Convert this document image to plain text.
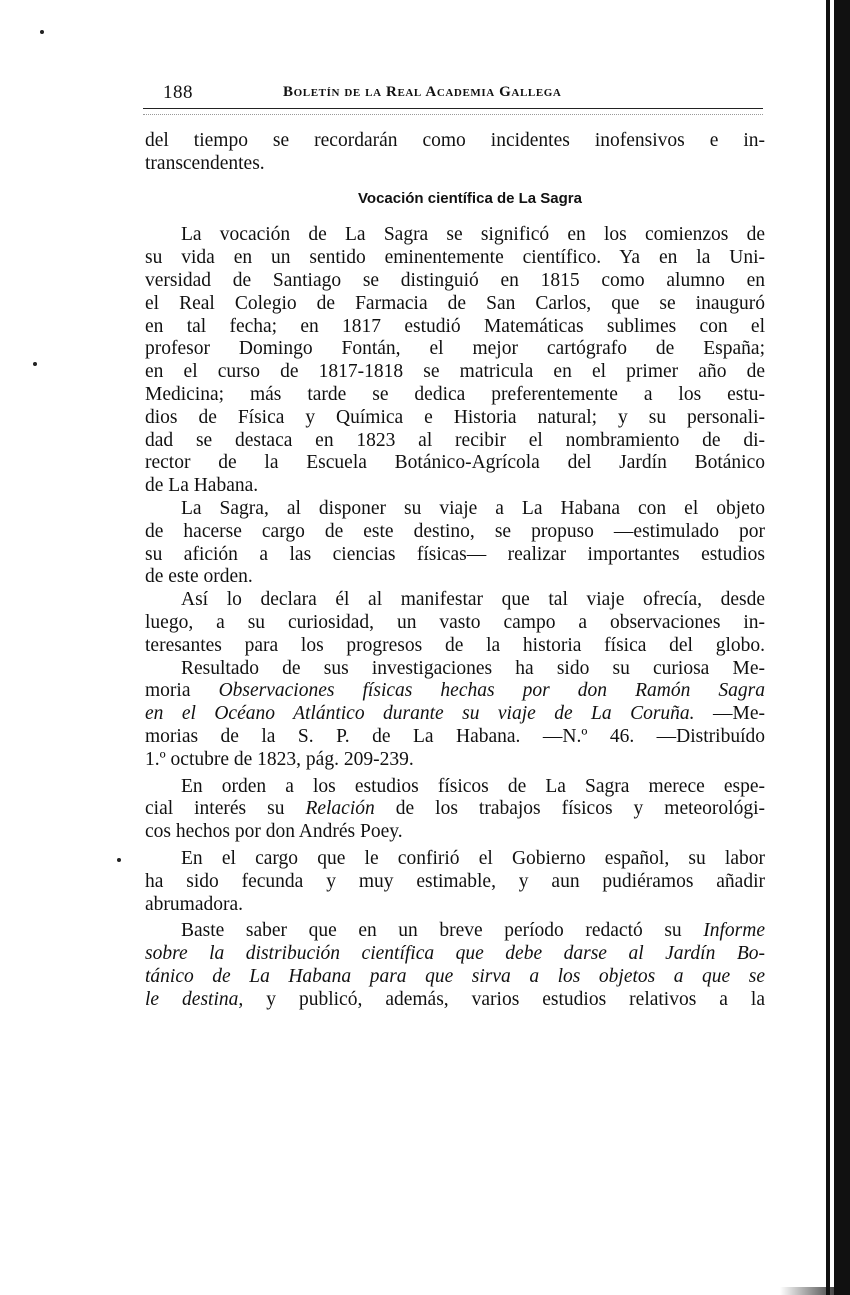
188	Boletín de la Real Academia Gallega
del tiempo se recordarán como incidentes inofensivos e in-
transcendentes.
Vocación científica de La Sagra
La vocación de La Sagra se significó en los comienzos de
su vida en un sentido eminentemente científico. Ya en la Uni-
versidad de Santiago se distinguió en 1815 como alumno en
el Real Colegio de Farmacia de San Carlos, que se inauguró
en tal fecha; en 1817 estudió Matemáticas sublimes con el
profesor Domingo Fontán, el mejor cartógrafo de España;
en el curso de 1817-1818 se matricula en el primer año de
Medicina; más tarde se dedica preferentemente a los estu-
dios de Física y Química e Historia natural; y su personali-
dad se destaca en 1823 al recibir el nombramiento de di-
rector de la Escuela Botánico-Agrícola del Jardín Botánico
de La Habana.
La Sagra, al disponer su viaje a La Habana con el objeto
de hacerse cargo de este destino, se propuso —estimulado por
su afición a las ciencias físicas— realizar importantes estudios
de este orden.
Así lo declara él al manifestar que tal viaje ofrecía, desde
luego, a su curiosidad, un vasto campo a observaciones in-
teresantes para los progresos de la historia física del globo.
Resultado de sus investigaciones ha sido su curiosa Me-
moria Observaciones físicas hechas por don Ramón Sagra
en el Océano Atlántico durante su viaje de La Coruña. —Me-
morias de la S. P. de La Habana. —N.º 46. —Distribuído
1.º octubre de 1823, pág. 209-239.
En orden a los estudios físicos de La Sagra merece espe-
cial interés su Relación de los trabajos físicos y meteorológi-
cos hechos por don Andrés Poey.
En el cargo que le confirió el Gobierno español, su labor
ha sido fecunda y muy estimable, y aun pudiéramos añadir
abrumadora.
Baste saber que en un breve período redactó su Informe
sobre la distribución científica que debe darse al Jardín Bo-
tánico de La Habana para que sirva a los objetos a que se
le destina, y publicó, además, varios estudios relativos a la
